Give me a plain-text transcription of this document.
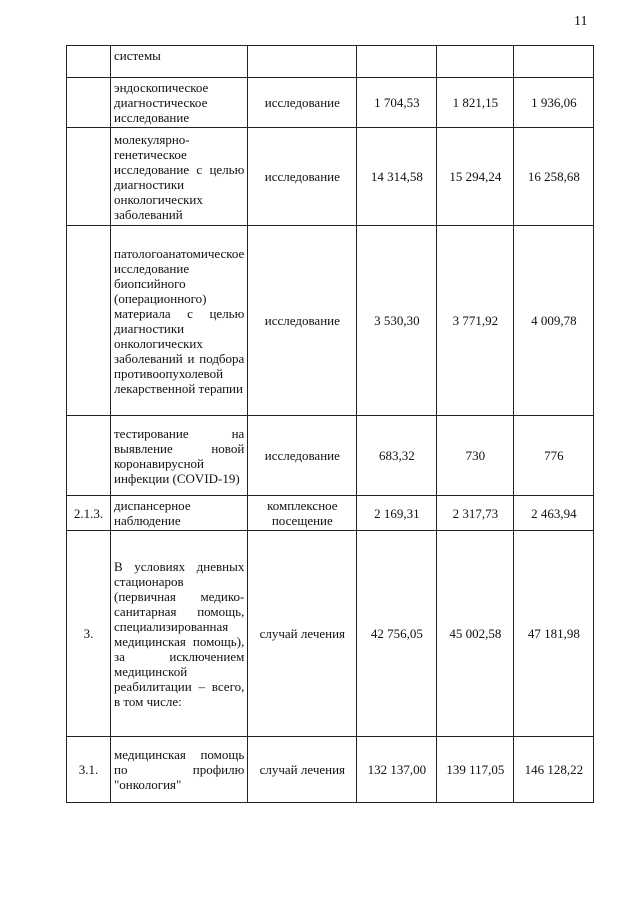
11
	системы				
	эндоскопическое диагностическое исследование	исследование	1 704,53	1 821,15	1 936,06
	молекулярно-генетическое исследование с целью диагностики онкологических заболеваний	исследование	14 314,58	15 294,24	16 258,68
	патологоанатомическое исследование биопсийного (операционного) материала с целью диагностики онкологических заболеваний и подбора противоопухолевой лекарственной терапии	исследование	3 530,30	3 771,92	4 009,78
	тестирование на выявление новой коронавирусной инфекции (COVID-19)	исследование	683,32	730	776
2.1.3.	диспансерное наблюдение	комплексное посещение	2 169,31	2 317,73	2 463,94
3.	В условиях дневных стационаров (первичная медико-санитарная помощь, специализированная медицинская помощь), за исключением медицинской реабилитации – всего, в том числе:	случай лечения	42 756,05	45 002,58	47 181,98
3.1.	медицинская помощь по профилю "онкология"	случай лечения	132 137,00	139 117,05	146 128,22
